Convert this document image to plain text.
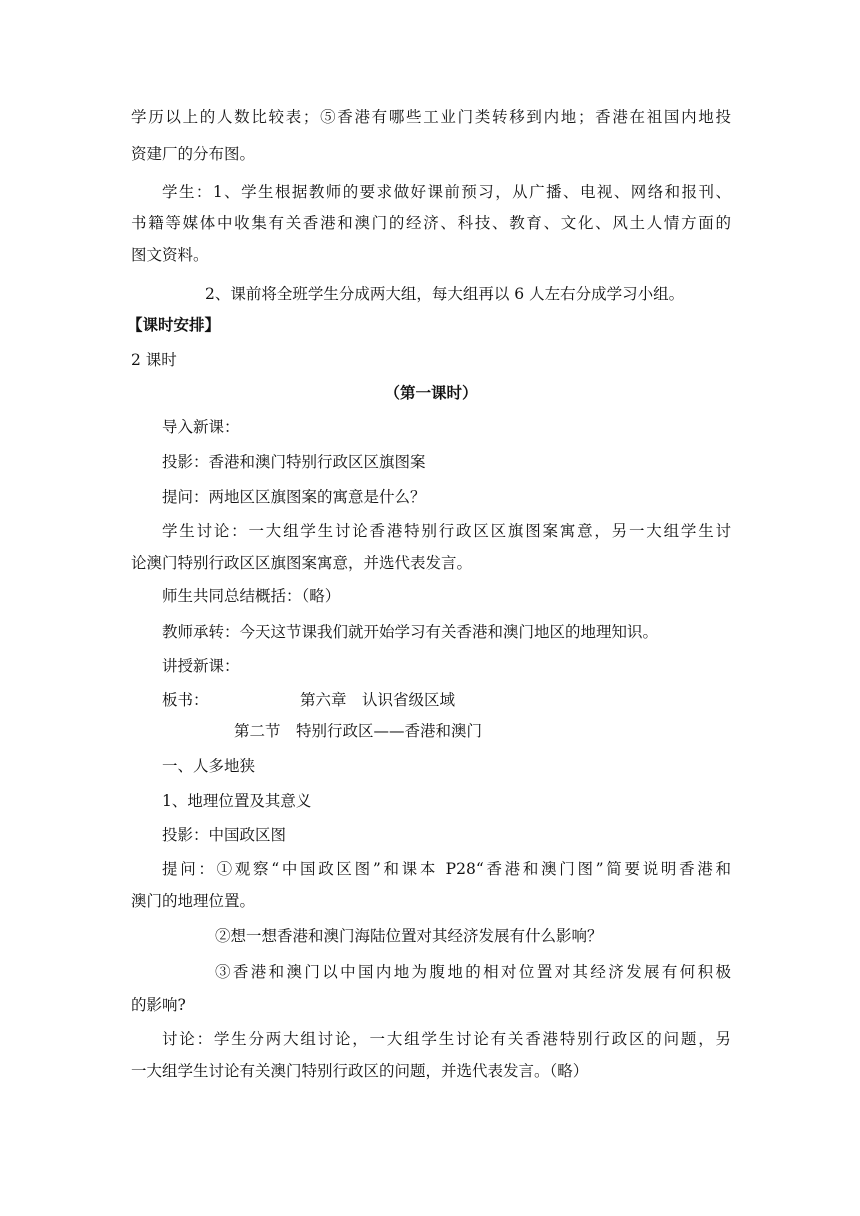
学历以上的人数比较表；⑤香港有哪些工业门类转移到内地；香港在祖国内地投
资建厂的分布图。
学生：1、学生根据教师的要求做好课前预习，从广播、电视、网络和报刊、
书籍等媒体中收集有关香港和澳门的经济、科技、教育、文化、风土人情方面的
图文资料。
2、课前将全班学生分成两大组，每大组再以 6 人左右分成学习小组。
【课时安排】
2 课时
（第一课时）
导入新课：
投影：香港和澳门特别行政区区旗图案
提问：两地区区旗图案的寓意是什么？
学生讨论：一大组学生讨论香港特别行政区区旗图案寓意，另一大组学生讨
论澳门特别行政区区旗图案寓意，并选代表发言。
师生共同总结概括：（略）
教师承转：今天这节课我们就开始学习有关香港和澳门地区的地理知识。
讲授新课：
板书：	第六章　认识省级区域
第二节　特别行政区——香港和澳门
一、人多地狭
1、地理位置及其意义
投影：中国政区图
提问：①观察“中国政区图”和课本 P28“香港和澳门图”简要说明香港和
澳门的地理位置。
②想一想香港和澳门海陆位置对其经济发展有什么影响？
③香港和澳门以中国内地为腹地的相对位置对其经济发展有何积极
的影响?
讨论：学生分两大组讨论，一大组学生讨论有关香港特别行政区的问题，另
一大组学生讨论有关澳门特别行政区的问题，并选代表发言。（略）
